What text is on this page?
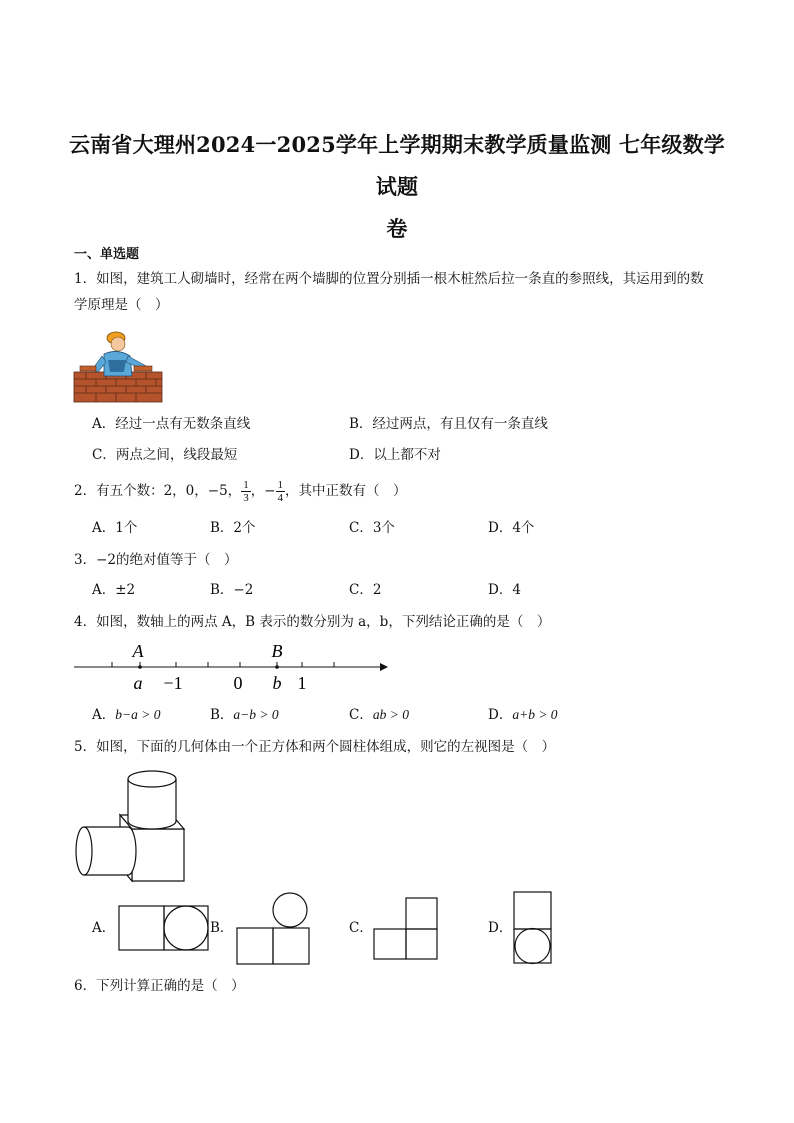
云南省大理州2024一2025学年上学期期末教学质量监测 七年级数学试题
卷
一、单选题
1．如图，建筑工人砌墙时，经常在两个墙脚的位置分别插一根木桩然后拉一条直的参照线，其运用到的数
学原理是（　）
A．经过一点有无数条直线	B．经过两点，有且仅有一条直线
C．两点之间，线段最短	D．以上都不对
2．有五个数：2，0，−5， $\frac{1}{3}$ ，− $\frac{1}{4}$ ，其中正数有（　）
A．1个	B．2个	C．3个	D．4个
3．−2的绝对值等于（　）
A．±2	B．−2	C．2	D．4
4．如图，数轴上的两点 A，B 表示的数分别为 a，b，下列结论正确的是（　）
A	B
a −1	0 b 1
A．b−a > 0	B．a−b > 0	C．ab > 0	D．a+b > 0
5．如图，下面的几何体由一个正方体和两个圆柱体组成，则它的左视图是（　）
A．	B．	C．	D．
6．下列计算正确的是（　）
